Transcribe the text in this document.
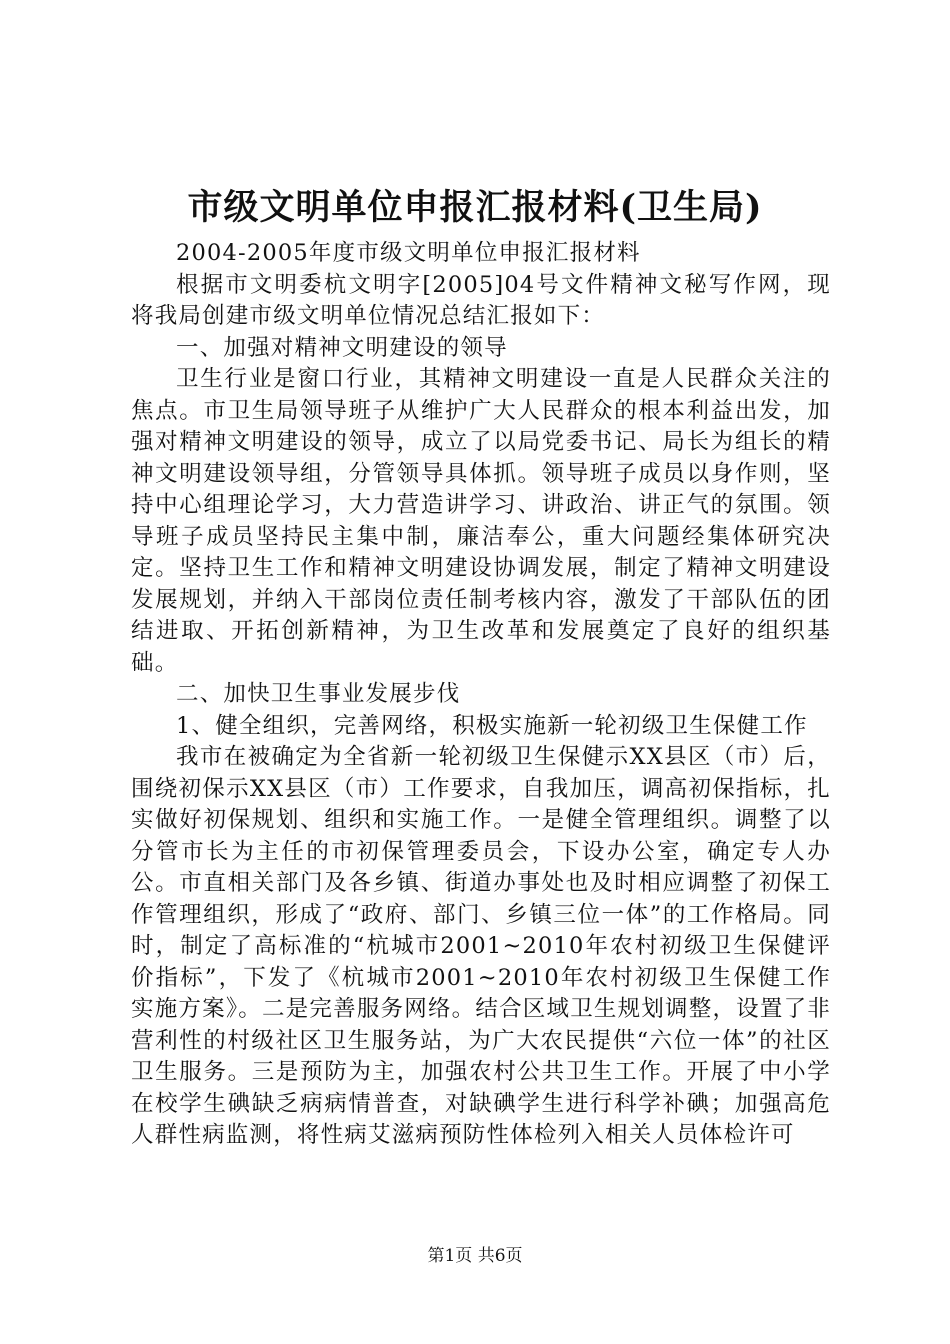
市级文明单位申报汇报材料(卫生局)

2004-2005年度市级文明单位申报汇报材料

根据市文明委杭文明字[2005]04号文件精神文秘写作网，现将我局创建市级文明单位情况总结汇报如下：

一、加强对精神文明建设的领导

卫生行业是窗口行业，其精神文明建设一直是人民群众关注的焦点。市卫生局领导班子从维护广大人民群众的根本利益出发，加强对精神文明建设的领导，成立了以局党委书记、局长为组长的精神文明建设领导组，分管领导具体抓。领导班子成员以身作则，坚持中心组理论学习，大力营造讲学习、讲政治、讲正气的氛围。领导班子成员坚持民主集中制，廉洁奉公，重大问题经集体研究决定。坚持卫生工作和精神文明建设协调发展，制定了精神文明建设发展规划，并纳入干部岗位责任制考核内容，激发了干部队伍的团结进取、开拓创新精神，为卫生改革和发展奠定了良好的组织基础。

二、加快卫生事业发展步伐

1、健全组织，完善网络，积极实施新一轮初级卫生保健工作

我市在被确定为全省新一轮初级卫生保健示XX县区（市）后，围绕初保示XX县区（市）工作要求，自我加压，调高初保指标，扎实做好初保规划、组织和实施工作。一是健全管理组织。调整了以分管市长为主任的市初保管理委员会，下设办公室，确定专人办公。市直相关部门及各乡镇、街道办事处也及时相应调整了初保工作管理组织，形成了“政府、部门、乡镇三位一体”的工作格局。同时，制定了高标准的“杭城市2001~2010年农村初级卫生保健评价指标”，下发了《杭城市2001~2010年农村初级卫生保健工作实施方案》。二是完善服务网络。结合区域卫生规划调整，设置了非营利性的村级社区卫生服务站，为广大农民提供“六位一体”的社区卫生服务。三是预防为主，加强农村公共卫生工作。开展了中小学在校学生碘缺乏病病情普查，对缺碘学生进行科学补碘；加强高危人群性病监测，将性病艾滋病预防性体检列入相关人员体检许可

第1页 共6页
